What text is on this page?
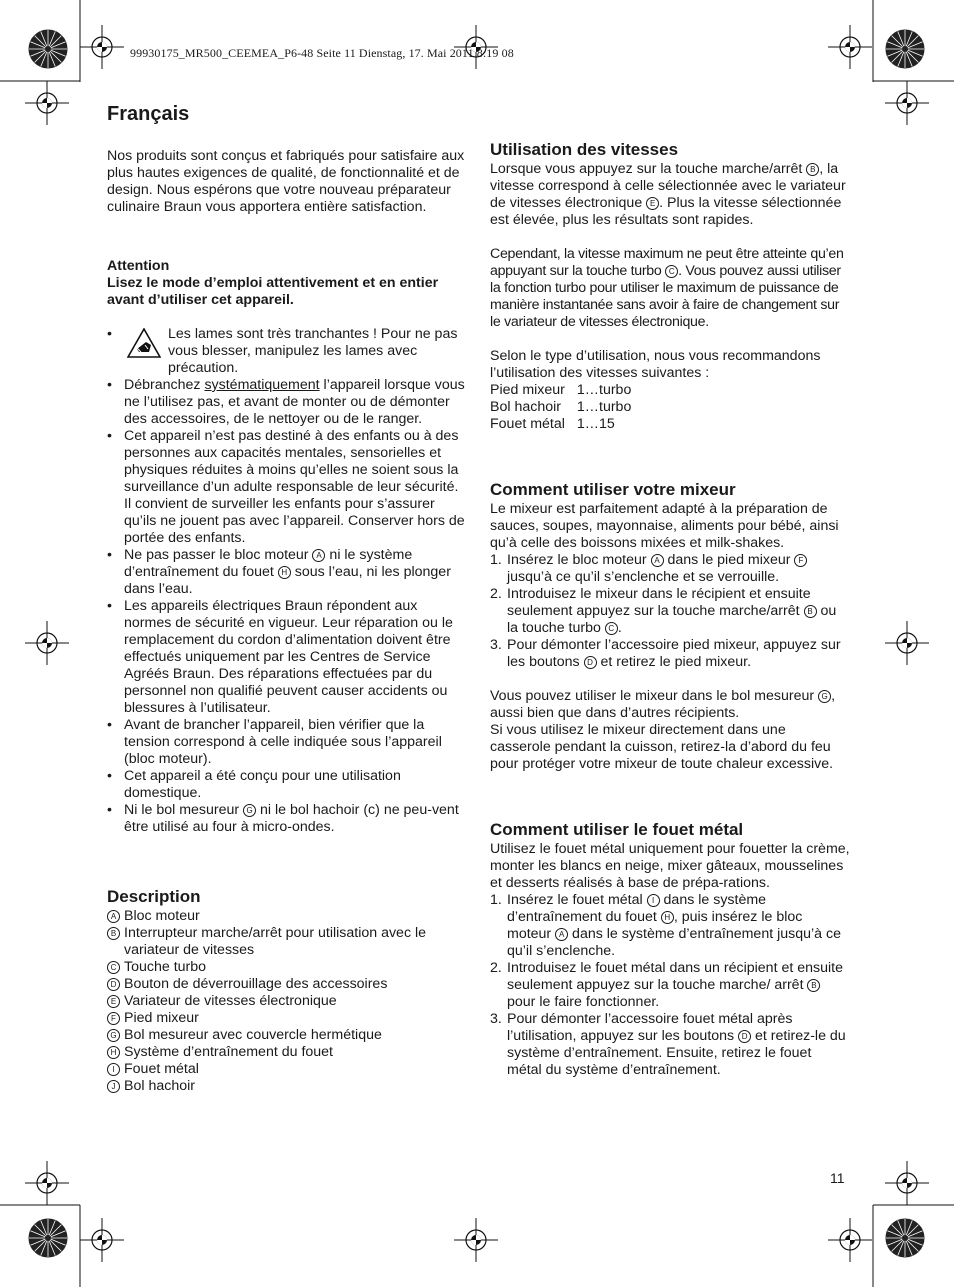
99930175_MR500_CEEMEA_P6-48 Seite 11 Dienstag, 17. Mai 2011 8:19 08
Français

Nos produits sont conçus et fabriqués pour satisfaire aux plus hautes exigences de qualité, de fonctionnalité et de design. Nous espérons que votre nouveau préparateur culinaire Braun vous apportera entière satisfaction.

Attention

Lisez le mode d’emploi attentivement et en entier avant d’utiliser cet appareil.

• Les lames sont très tranchantes ! Pour ne pas vous blesser, manipulez les lames avec précaution.
• Débranchez systématiquement l’appareil lorsque vous ne l’utilisez pas, et avant de monter ou de démonter des accessoires, de le nettoyer ou de le ranger.
• Cet appareil n’est pas destiné à des enfants ou à des personnes aux capacités mentales, sensorielles et physiques réduites à moins qu’elles ne soient sous la surveillance d’un adulte responsable de leur sécurité.
Il convient de surveiller les enfants pour s’assurer qu’ils ne jouent pas avec l’appareil. Conserver hors de portée des enfants.
• Ne pas passer le bloc moteur A ni le système d’entraînement du fouet H sous l’eau, ni les plonger dans l’eau.
• Les appareils électriques Braun répondent aux normes de sécurité en vigueur. Leur réparation ou le remplacement du cordon d’alimentation doivent être effectués uniquement par les Centres de Service Agréés Braun. Des réparations effectuées par du personnel non qualifié peuvent causer accidents ou blessures à l’utilisateur.
• Avant de brancher l’appareil, bien vérifier que la tension correspond à celle indiquée sous l’appareil (bloc moteur).
• Cet appareil a été conçu pour une utilisation domestique.
• Ni le bol mesureur G ni le bol hachoir (c) ne peu-vent être utilisé au four à micro-ondes.
Description
A Bloc moteur
B Interrupteur marche/arrêt pour utilisation avec le variateur de vitesses
C Touche turbo
D Bouton de déverrouillage des accessoires
E Variateur de vitesses électronique
F Pied mixeur
G Bol mesureur avec couvercle hermétique
H Système d’entraînement du fouet
I Fouet métal
J Bol hachoir
Utilisation des vitesses

Lorsque vous appuyez sur la touche marche/arrêt B , la vitesse correspond à celle sélectionnée avec le variateur de vitesses électronique E . Plus la vitesse sélectionnée est élevée, plus les résultats sont rapides.

Cependant, la vitesse maximum ne peut être atteinte qu’en appuyant sur la touche turbo C . Vous pouvez aussi utiliser la fonction turbo pour utiliser le maximum de puissance de manière instantanée sans avoir à faire de changement sur le variateur de vitesses électronique.

Selon le type d’utilisation, nous vous recommandons l’utilisation des vitesses suivantes :

Pied mixeur	1…turbo
Bol hachoir	1…turbo
Fouet métal	1…15
Comment utiliser votre mixeur

Le mixeur est parfaitement adapté à la préparation de sauces, soupes, mayonnaise, aliments pour bébé, ainsi qu’à celle des boissons mixées et milk-shakes.

1. Insérez le bloc moteur A dans le pied mixeur F jusqu’à ce qu’il s’enclenche et se verrouille.
2. Introduisez le mixeur dans le récipient et ensuite seulement appuyez sur la touche marche/arrêt B ou la touche turbo C .
3. Pour démonter l’accessoire pied mixeur, appuyez sur les boutons D et retirez le pied mixeur.

Vous pouvez utiliser le mixeur dans le bol mesureur G , aussi bien que dans d’autres récipients.

Si vous utilisez le mixeur directement dans une casserole pendant la cuisson, retirez-la d’abord du feu pour protéger votre mixeur de toute chaleur excessive.

Comment utiliser le fouet métal

Utilisez le fouet métal uniquement pour fouetter la crème, monter les blancs en neige, mixer gâteaux, mousselines et desserts réalisés à base de prépa-rations.

1. Insérez le fouet métal I dans le système d’entraînement du fouet H , puis insérez le bloc moteur A dans le système d’entraînement jusqu’à ce qu’il s’enclenche.
2. Introduisez le fouet métal dans un récipient et ensuite seulement appuyez sur la touche marche/ arrêt B pour le faire fonctionner.
3. Pour démonter l’accessoire fouet métal après l’utilisation, appuyez sur les boutons D et retirez-le du système d’entraînement. Ensuite, retirez le fouet métal du système d’entraînement.
11
